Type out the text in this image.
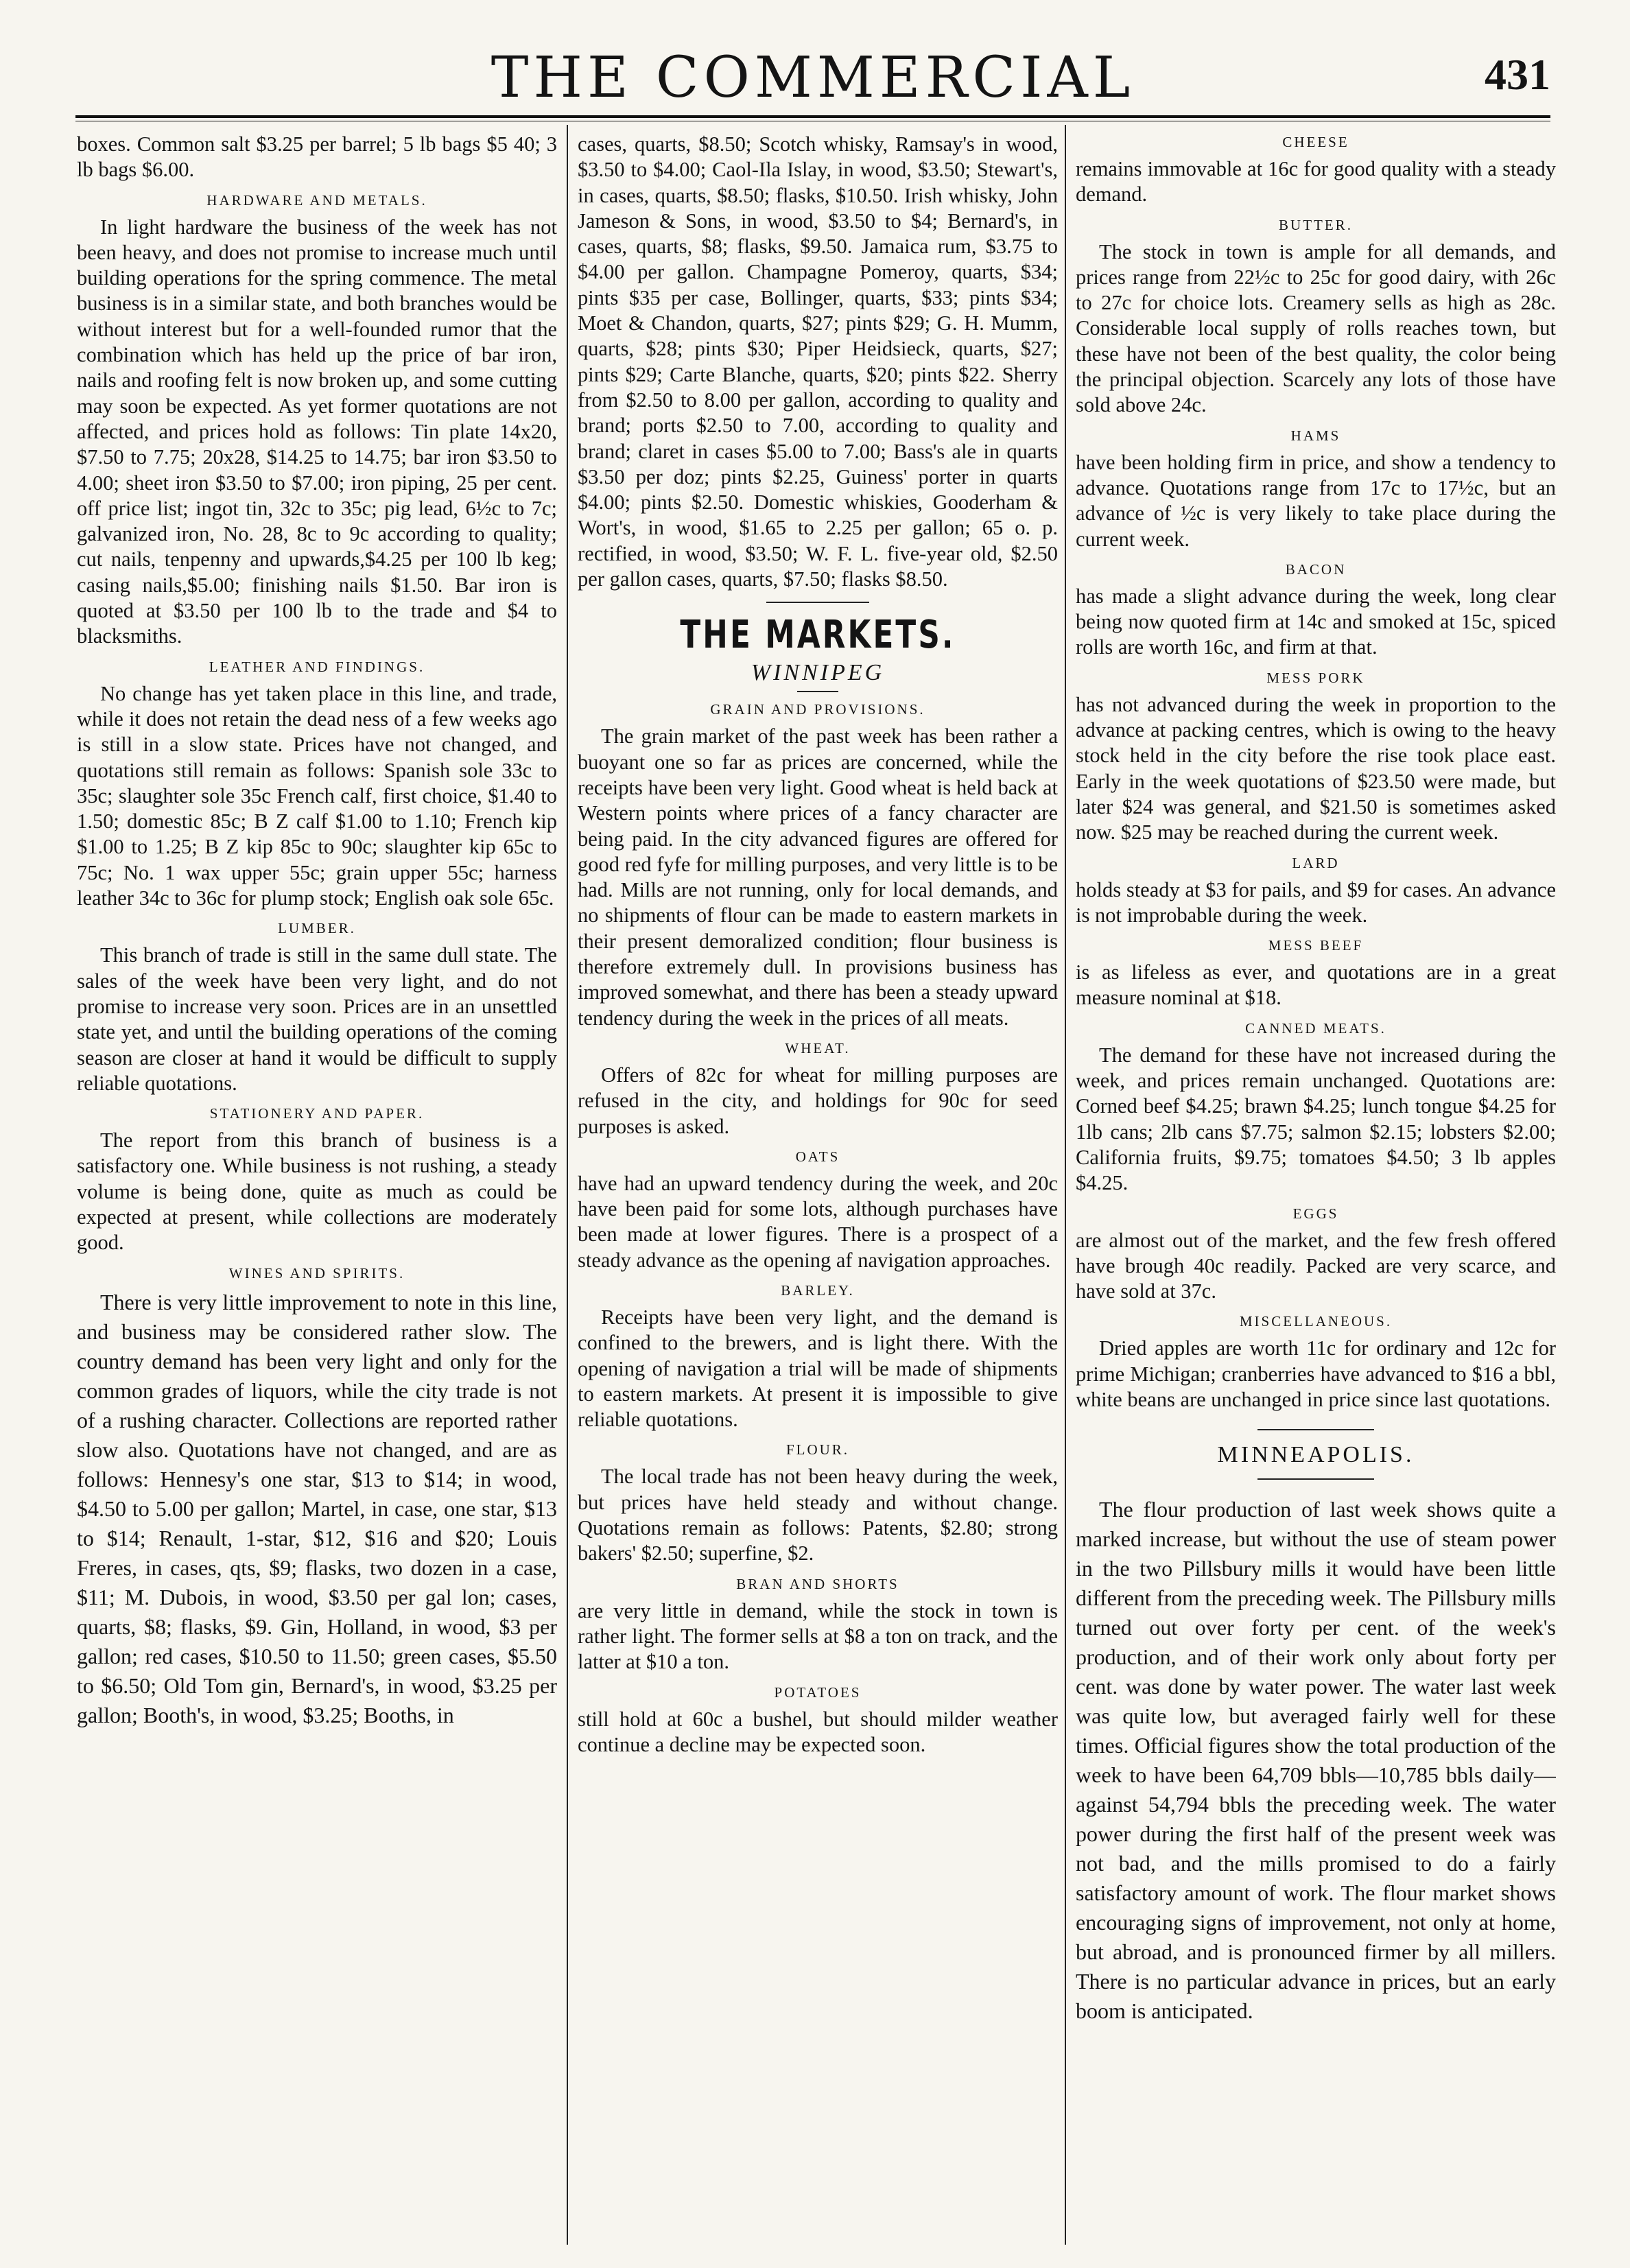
THE COMMERCIAL	431

boxes. Common salt $3.25 per barrel; 5 lb bags $5 40; 3 lb bags $6.00.

HARDWARE AND METALS.

In light hardware the business of the week has not been heavy, and does not promise to increase much until building operations for the spring commence. The metal business is in a similar state, and both branches would be without interest but for a well-founded rumor that the combination which has held up the price of bar iron, nails and roofing felt is now broken up, and some cutting may soon be expected. As yet former quotations are not affected, and prices hold as follows: Tin plate 14x20, $7.50 to 7.75; 20x28, $14.25 to 14.75; bar iron $3.50 to 4.00; sheet iron $3.50 to $7.00; iron piping, 25 per cent. off price list; ingot tin, 32c to 35c; pig lead, 6½c to 7c; galvanized iron, No. 28, 8c to 9c according to quality; cut nails, tenpenny and upwards,$4.25 per 100 lb keg; casing nails,$5.00; finishing nails $1.50. Bar iron is quoted at $3.50 per 100 lb to the trade and $4 to blacksmiths.

LEATHER AND FINDINGS.

No change has yet taken place in this line, and trade, while it does not retain the dead ness of a few weeks ago is still in a slow state. Prices have not changed, and quotations still remain as follows: Spanish sole 33c to 35c; slaughter sole 35c French calf, first choice, $1.40 to 1.50; domestic 85c; B Z calf $1.00 to 1.10; French kip $1.00 to 1.25; B Z kip 85c to 90c; slaughter kip 65c to 75c; No. 1 wax upper 55c; grain upper 55c; harness leather 34c to 36c for plump stock; English oak sole 65c.

LUMBER.

This branch of trade is still in the same dull state. The sales of the week have been very light, and do not promise to increase very soon. Prices are in an unsettled state yet, and until the building operations of the coming season are closer at hand it would be difficult to supply reliable quotations.

STATIONERY AND PAPER.

The report from this branch of business is a satisfactory one. While business is not rushing, a steady volume is being done, quite as much as could be expected at present, while collections are moderately good.

WINES AND SPIRITS.

There is very little improvement to note in this line, and business may be considered rather slow. The country demand has been very light and only for the common grades of liquors, while the city trade is not of a rushing character. Collections are reported rather slow also. Quotations have not changed, and are as follows: Hennesy's one star, $13 to $14; in wood, $4.50 to 5.00 per gallon; Martel, in case, one star, $13 to $14; Renault, 1-star, $12, $16 and $20; Louis Freres, in cases, qts, $9; flasks, two dozen in a case, $11; M. Dubois, in wood, $3.50 per gal lon; cases, quarts, $8; flasks, $9. Gin, Holland, in wood, $3 per gallon; red cases, $10.50 to 11.50; green cases, $5.50 to $6.50; Old Tom gin, Bernard's, in wood, $3.25 per gallon; Booth's, in wood, $3.25; Booths, in

cases, quarts, $8.50; Scotch whisky, Ramsay's in wood, $3.50 to $4.00; Caol-Ila Islay, in wood, $3.50; Stewart's, in cases, quarts, $8.50; flasks, $10.50. Irish whisky, John Jameson & Sons, in wood, $3.50 to $4; Bernard's, in cases, quarts, $8; flasks, $9.50. Jamaica rum, $3.75 to $4.00 per gallon. Champagne Pomeroy, quarts, $34; pints $35 per case, Bollinger, quarts, $33; pints $34; Moet & Chandon, quarts, $27; pints $29; G. H. Mumm, quarts, $28; pints $30; Piper Heidsieck, quarts, $27; pints $29; Carte Blanche, quarts, $20; pints $22. Sherry from $2.50 to 8.00 per gallon, according to quality and brand; ports $2.50 to 7.00, according to quality and brand; claret in cases $5.00 to 7.00; Bass's ale in quarts $3.50 per doz; pints $2.25, Guiness' porter in quarts $4.00; pints $2.50. Domestic whiskies, Gooderham & Wort's, in wood, $1.65 to 2.25 per gallon; 65 o. p. rectified, in wood, $3.50; W. F. L. five-year old, $2.50 per gallon cases, quarts, $7.50; flasks $8.50.

THE MARKETS.
WINNIPEG
GRAIN AND PROVISIONS.

The grain market of the past week has been rather a buoyant one so far as prices are concerned, while the receipts have been very light. Good wheat is held back at Western points where prices of a fancy character are being paid. In the city advanced figures are offered for good red fyfe for milling purposes, and very little is to be had. Mills are not running, only for local demands, and no shipments of flour can be made to eastern markets in their present demoralized condition; flour business is therefore extremely dull. In provisions business has improved somewhat, and there has been a steady upward tendency during the week in the prices of all meats.

WHEAT.

Offers of 82c for wheat for milling purposes are refused in the city, and holdings for 90c for seed purposes is asked.

OATS

have had an upward tendency during the week, and 20c have been paid for some lots, although purchases have been made at lower figures. There is a prospect of a steady advance as the opening af navigation approaches.

BARLEY.

Receipts have been very light, and the demand is confined to the brewers, and is light there. With the opening of navigation a trial will be made of shipments to eastern markets. At present it is impossible to give reliable quotations.

FLOUR.

The local trade has not been heavy during the week, but prices have held steady and without change. Quotations remain as follows: Patents, $2.80; strong bakers' $2.50; superfine, $2.

BRAN AND SHORTS

are very little in demand, while the stock in town is rather light. The former sells at $8 a ton on track, and the latter at $10 a ton.

POTATOES

still hold at 60c a bushel, but should milder weather continue a decline may be expected soon.

CHEESE

remains immovable at 16c for good quality with a steady demand.

BUTTER.

The stock in town is ample for all demands, and prices range from 22½c to 25c for good dairy, with 26c to 27c for choice lots. Creamery sells as high as 28c. Considerable local supply of rolls reaches town, but these have not been of the best quality, the color being the principal objection. Scarcely any lots of those have sold above 24c.

HAMS

have been holding firm in price, and show a tendency to advance. Quotations range from 17c to 17½c, but an advance of ½c is very likely to take place during the current week.

BACON

has made a slight advance during the week, long clear being now quoted firm at 14c and smoked at 15c, spiced rolls are worth 16c, and firm at that.

MESS PORK

has not advanced during the week in proportion to the advance at packing centres, which is owing to the heavy stock held in the city before the rise took place east. Early in the week quotations of $23.50 were made, but later $24 was general, and $21.50 is sometimes asked now. $25 may be reached during the current week.

LARD

holds steady at $3 for pails, and $9 for cases. An advance is not improbable during the week.

MESS BEEF

is as lifeless as ever, and quotations are in a great measure nominal at $18.

CANNED MEATS.

The demand for these have not increased during the week, and prices remain unchanged. Quotations are: Corned beef $4.25; brawn $4.25; lunch tongue $4.25 for 1lb cans; 2lb cans $7.75; salmon $2.15; lobsters $2.00; California fruits, $9.75; tomatoes $4.50; 3 lb apples $4.25.

EGGS

are almost out of the market, and the few fresh offered have brough 40c readily. Packed are very scarce, and have sold at 37c.

MISCELLANEOUS.

Dried apples are worth 11c for ordinary and 12c for prime Michigan; cranberries have advanced to $16 a bbl, white beans are unchanged in price since last quotations.

MINNEAPOLIS.

The flour production of last week shows quite a marked increase, but without the use of steam power in the two Pillsbury mills it would have been little different from the preceding week. The Pillsbury mills turned out over forty per cent. of the week's production, and of their work only about forty per cent. was done by water power. The water last week was quite low, but averaged fairly well for these times. Official figures show the total production of the week to have been 64,709 bbls—10,785 bbls daily—against 54,794 bbls the preceding week. The water power during the first half of the present week was not bad, and the mills promised to do a fairly satisfactory amount of work. The flour market shows encouraging signs of improvement, not only at home, but abroad, and is pronounced firmer by all millers. There is no particular advance in prices, but an early boom is anticipated.
